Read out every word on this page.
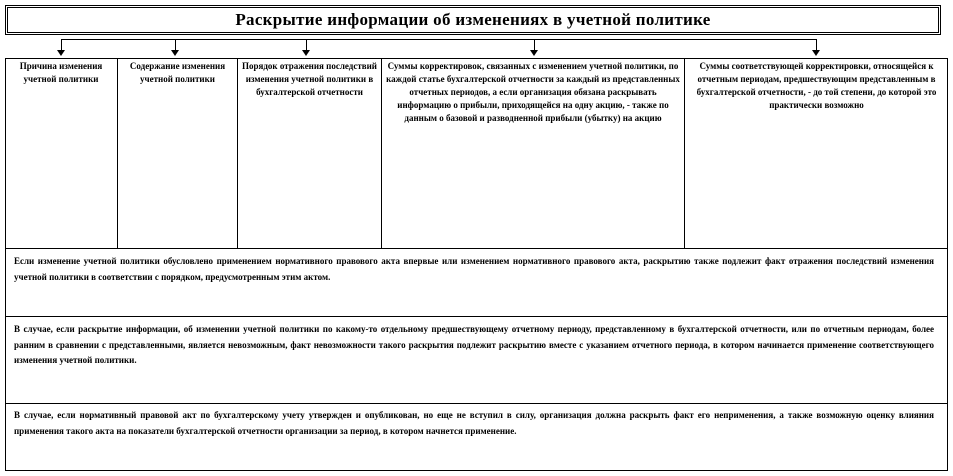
Раскрытие информации об изменениях в учетной политике
Причина изменения учетной политики
Содержание изменения учетной политики
Порядок отражения последствий изменения учетной политики в бухгалтерской отчетности
Суммы корректировок, связанных с изменением учетной политики, по каждой статье бухгалтерской отчетности за каждый из представленных отчетных периодов, а если организация обязана раскрывать информацию о прибыли, приходящейся на одну акцию, - также по данным о базовой и разводненной прибыли (убытку) на акцию
Суммы соответствующей корректировки, относящейся к отчетным периодам, предшествующим представленным в бухгалтерской отчетности, - до той степени, до которой это практически возможно
Если изменение учетной политики обусловлено применением нормативного правового акта впервые или изменением нормативного правового акта, раскрытию также подлежит факт отражения последствий изменения учетной политики в соответствии с порядком, предусмотренным этим актом.
В случае, если раскрытие информации, об изменении учетной политики по какому-то отдельному предшествующему отчетному периоду, представленному в бухгалтерской отчетности, или по отчетным периодам, более ранним в сравнении с представленными, является невозможным, факт невозможности такого раскрытия подлежит раскрытию вместе с указанием отчетного периода, в котором начинается применение соответствующего изменения учетной политики.
В случае, если нормативный правовой акт по бухгалтерскому учету утвержден и опубликован, но еще не вступил в силу, организация должна раскрыть факт его неприменения, а также возможную оценку влияния применения такого акта на показатели бухгалтерской отчетности организации за период, в котором начнется применение.
